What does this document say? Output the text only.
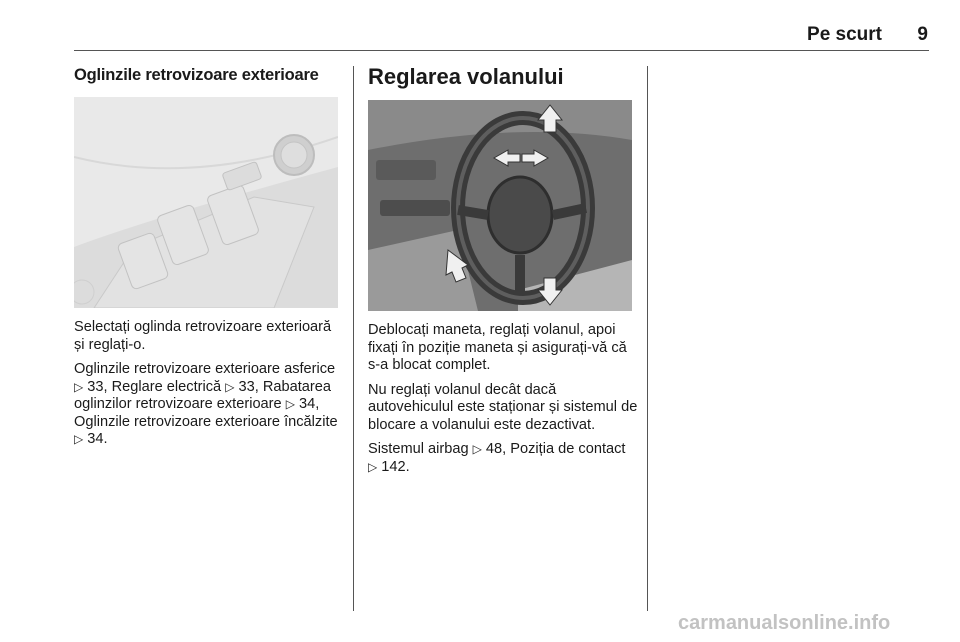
Pe scurt 9
Oglinzile retrovizoare exterioare

Selectați oglinda retrovizoare exterioară și reglați-o.

Oglinzile retrovizoare exterioare asferice ▷ 33, Reglare electrică ▷ 33, Rabatarea oglinzilor retrovizoare exterioare ▷ 34, Oglinzile retrovizoare exterioare încălzite ▷ 34.

Reglarea volanului

Deblocați maneta, reglați volanul, apoi fixați în poziție maneta și asigurați-vă că s-a blocat complet.

Nu reglați volanul decât dacă autovehiculul este staționar și sistemul de blocare a volanului este dezactivat.

Sistemul airbag ▷ 48, Poziția de contact ▷ 142.

carmanualsonline.info
